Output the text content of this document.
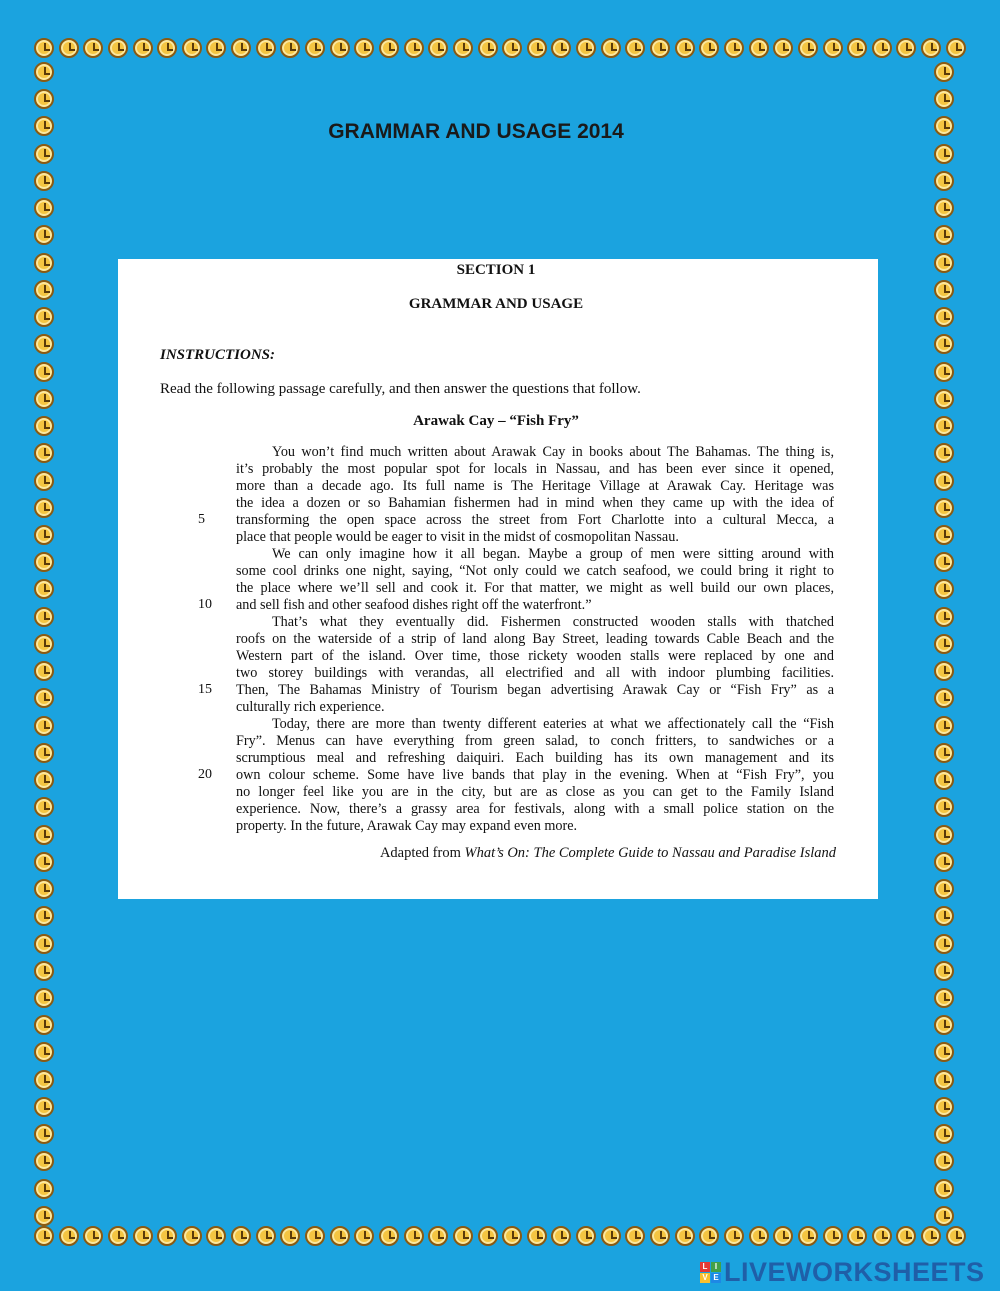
GRAMMAR AND USAGE 2014
SECTION 1
GRAMMAR AND USAGE
INSTRUCTIONS:
Read the following passage carefully, and then answer the questions that follow.
Arawak Cay – “Fish Fry”
You won’t find much written about Arawak Cay in books about The Bahamas. The thing is,
it’s probably the most popular spot for locals in Nassau, and has been ever since it opened,
more than a decade ago. Its full name is The Heritage Village at Arawak Cay. Heritage was
the idea a dozen or so Bahamian fishermen had in mind when they came up with the idea of
transforming the open space across the street from Fort Charlotte into a cultural Mecca, a
place that people would be eager to visit in the midst of cosmopolitan Nassau.
We can only imagine how it all began. Maybe a group of men were sitting around with
some cool drinks one night, saying, “Not only could we catch seafood, we could bring it right to
the place where we’ll sell and cook it. For that matter, we might as well build our own places,
and sell fish and other seafood dishes right off the waterfront.”
That’s what they eventually did. Fishermen constructed wooden stalls with thatched
roofs on the waterside of a strip of land along Bay Street, leading towards Cable Beach and the
Western part of the island. Over time, those rickety wooden stalls were replaced by one and
two storey buildings with verandas, all electrified and all with indoor plumbing facilities.
Then, The Bahamas Ministry of Tourism began advertising Arawak Cay or “Fish Fry” as a
culturally rich experience.
Today, there are more than twenty different eateries at what we affectionately call the “Fish
Fry”. Menus can have everything from green salad, to conch fritters, to sandwiches or a
scrumptious meal and refreshing daiquiri. Each building has its own management and its
own colour scheme. Some have live bands that play in the evening. When at “Fish Fry”, you
no longer feel like you are in the city, but are as close as you can get to the Family Island
experience. Now, there’s a grassy area for festivals, along with a small police station on the
property. In the future, Arawak Cay may expand even more.
5
10
15
20
Adapted from What’s On: The Complete Guide to Nassau and Paradise Island
L I
V E LIVEWORKSHEETS
